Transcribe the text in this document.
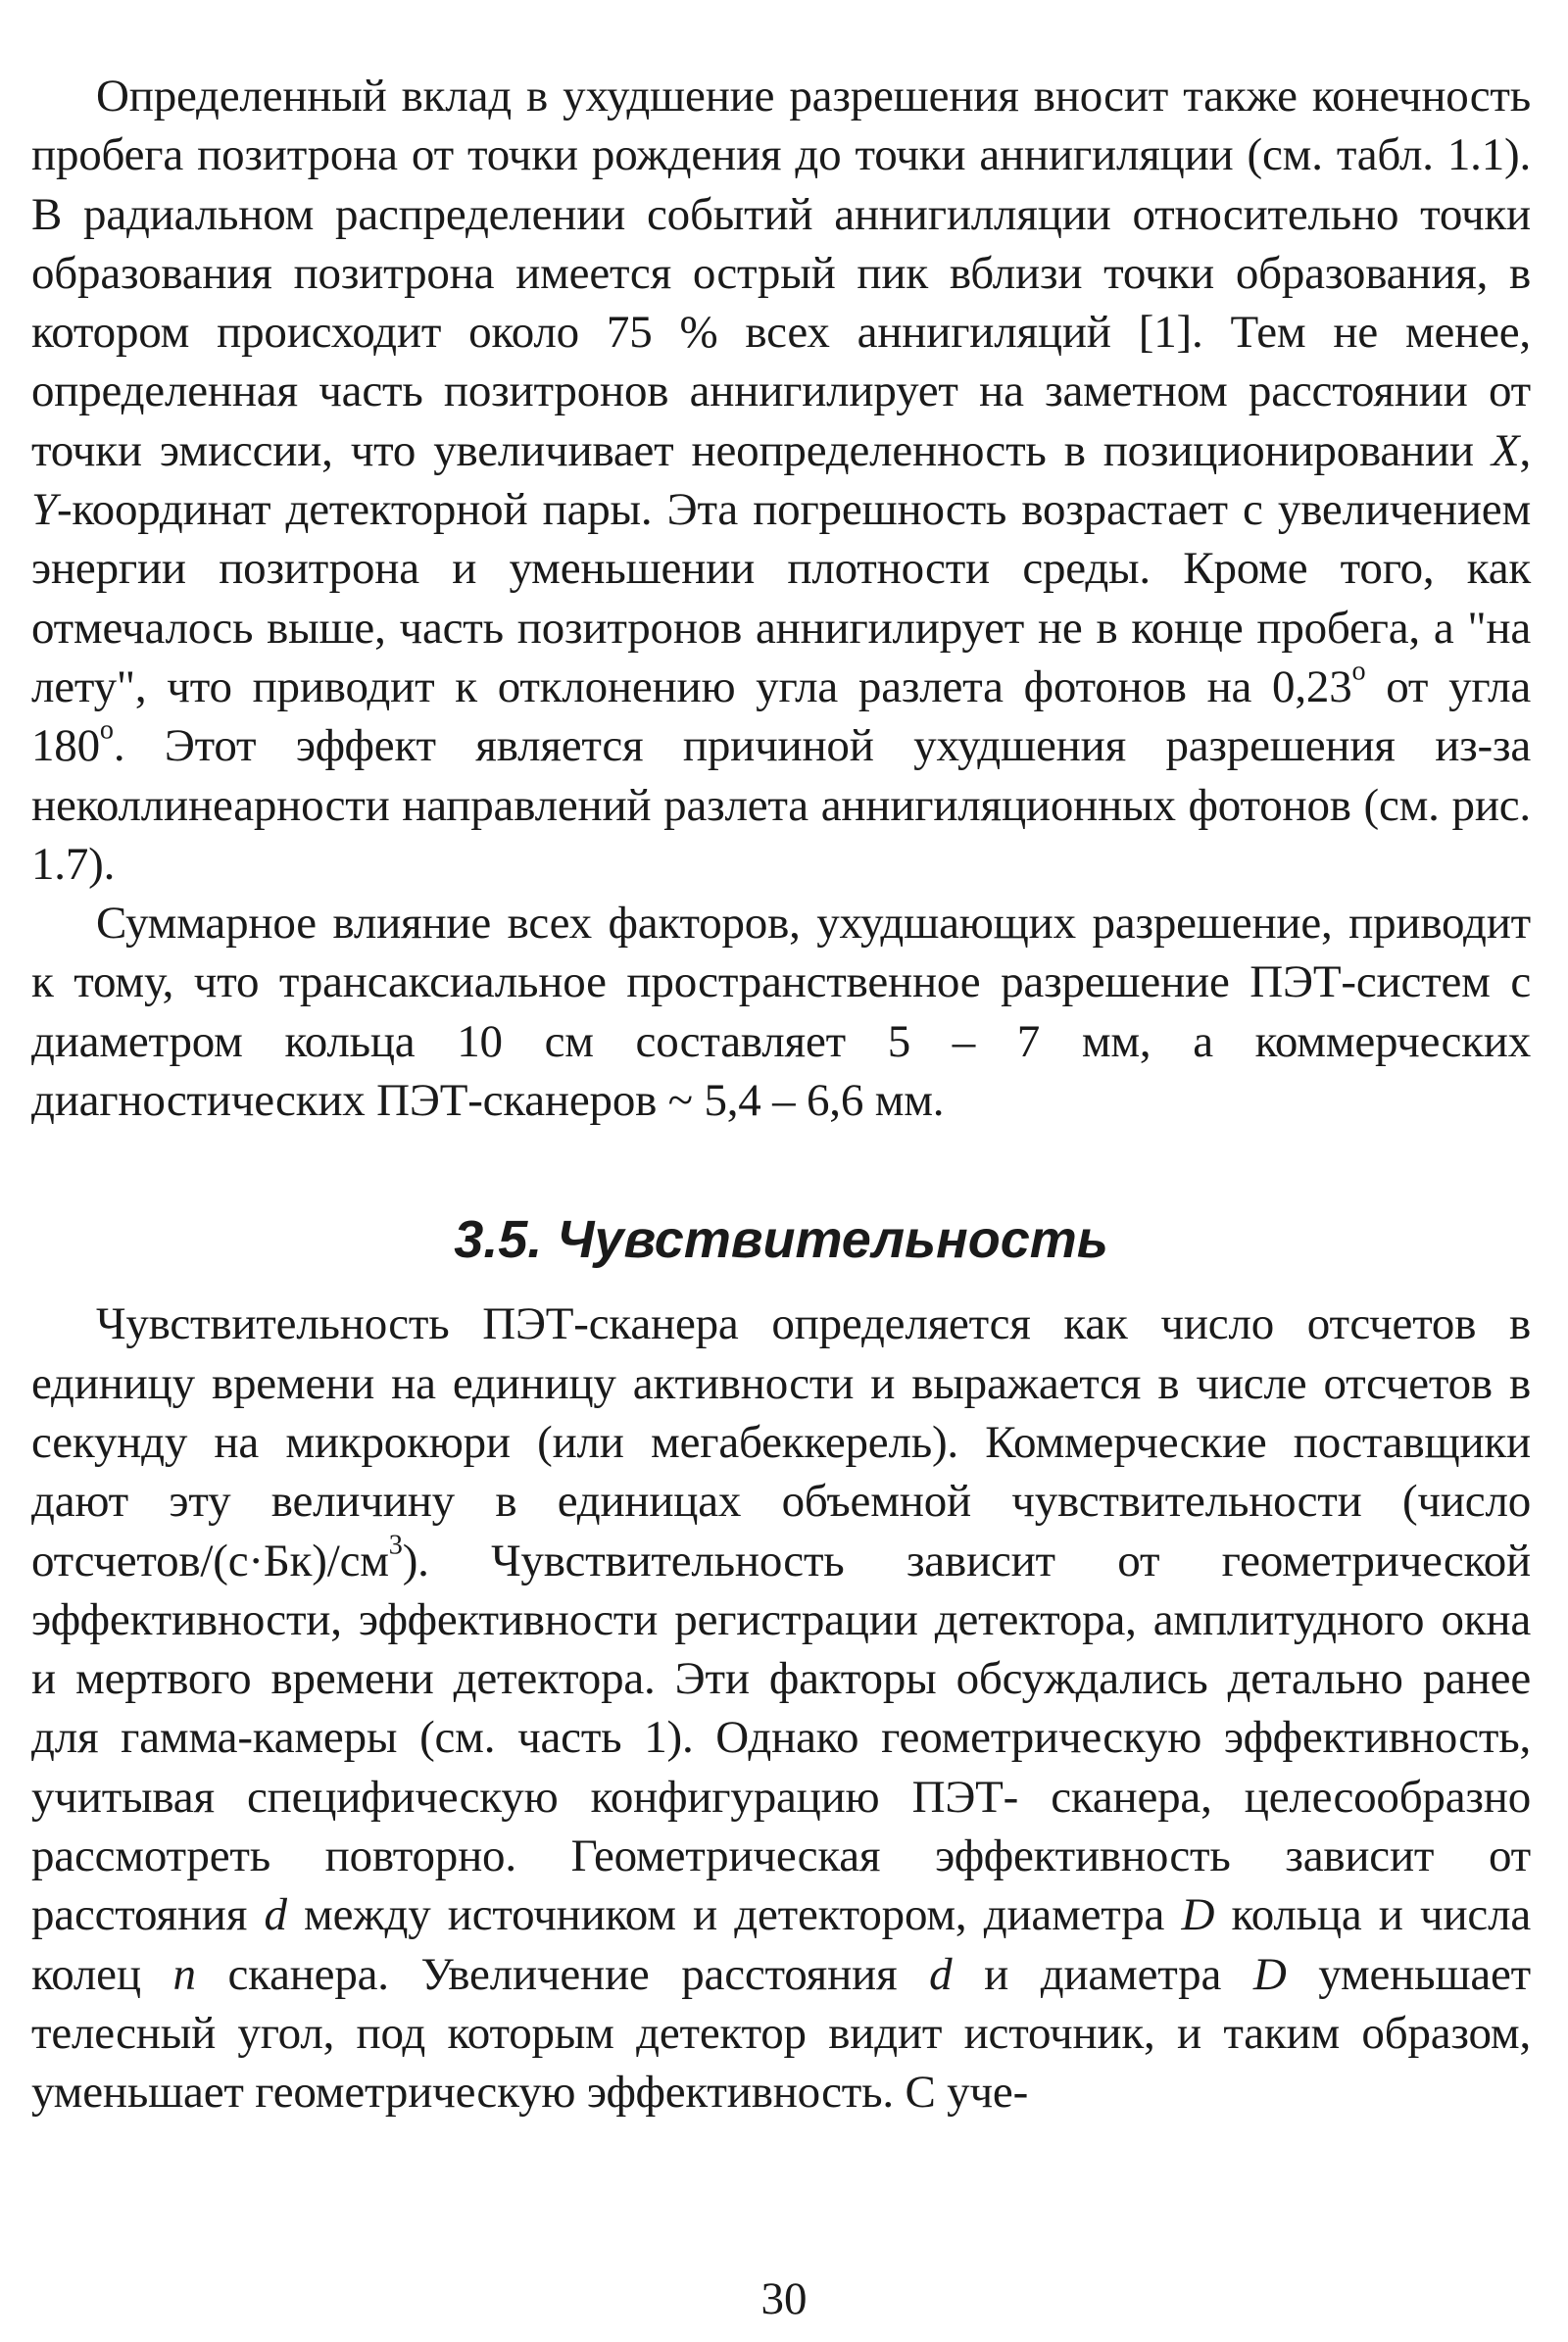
Определенный вклад в ухудшение разрешения вносит также конечность пробега позитрона от точки рождения до точки аннигиляции (см. табл. 1.1). В радиальном распределении событий аннигилляции относительно точки образования позитрона имеется острый пик вблизи точки образования, в котором происходит около 75 % всех аннигиляций [1]. Тем не менее, определенная часть позитронов аннигилирует на заметном расстоянии от точки эмиссии, что увеличивает неопределенность в позиционировании X, Y-координат детекторной пары. Эта погрешность возрастает с увеличением энергии позитрона и уменьшении плотности среды. Кроме того, как отмечалось выше, часть позитронов аннигилирует не в конце пробега, а "на лету", что приводит к отклонению угла разлета фотонов на 0,23$^o$ от угла 180$^o$. Этот эффект является причиной ухудшения разрешения из-за неколлинеарности направлений разлета аннигиляционных фотонов (см. рис. 1.7).

Суммарное влияние всех факторов, ухудшающих разрешение, приводит к тому, что трансаксиальное пространственное разрешение ПЭТ-систем с диаметром кольца 10 см составляет 5 – 7 мм, а коммерческих диагностических ПЭТ-сканеров ~ 5,4 – 6,6 мм.

3.5. Чувствительность

Чувствительность ПЭТ-сканера определяется как число отсчетов в единицу времени на единицу активности и выражается в числе отсчетов в секунду на микрокюри (или мегабеккерель). Коммерческие поставщики дают эту величину в единицах объемной чувствительности (число отсчетов/$(с\cdot Бк)/см^3$). Чувствительность зависит от геометрической эффективности, эффективности регистрации детектора, амплитудного окна и мертвого времени детектора. Эти факторы обсуждались детально ранее для гамма-камеры (см. часть 1). Однако геометрическую эффективность, учитывая специфическую конфигурацию ПЭТ- сканера, целесообразно рассмотреть повторно. Геометрическая эффективность зависит от расстояния d между источником и детектором, диаметра D кольца и числа колец n сканера. Увеличение расстояния d и диаметра D уменьшает телесный угол, под которым детектор видит источник, и таким образом, уменьшает геометрическую эффективность. С уче-

30
